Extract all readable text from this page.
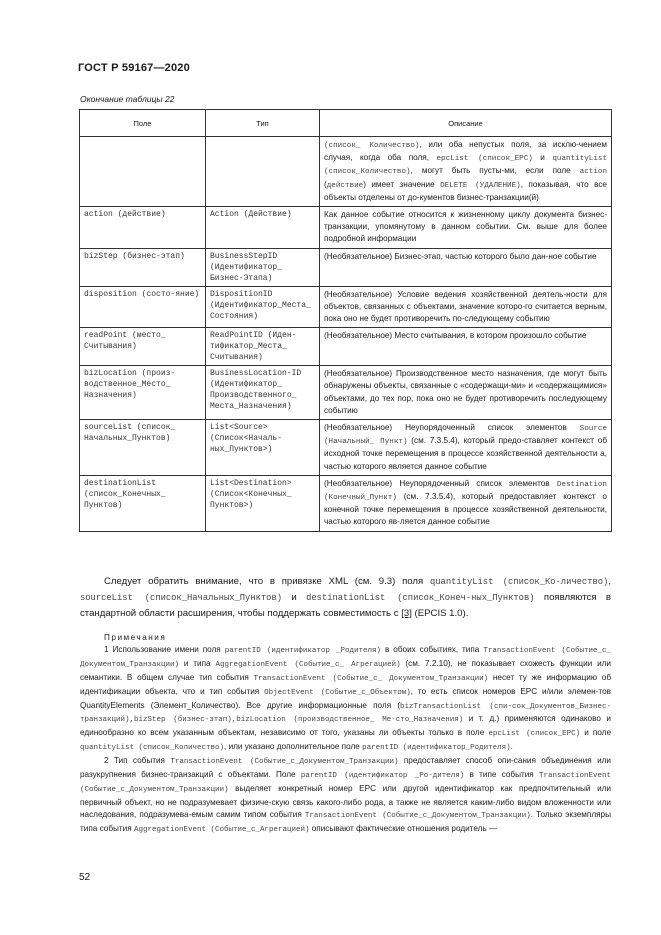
ГОСТ Р 59167—2020
Окончание таблицы 22
Поле	Тип	Описание
		(список_ Количество), или оба непустых поля, за исклю-чением случая, когда оба поля, epcList (список_EPC) и quantityList (список_Количество), могут быть пусты-ми, если поле action (действие) имеет значение DELETE (УДАЛЕНИЕ), показывая, что все объекты отделены от до-кументов бизнес-транзакции(й)
action (действие)	Action (Действие)	Как данное событие относится к жизненному циклу документа бизнес-транзакции, упомянутому в данном событии. См. выше для более подробной информации
bizStep (бизнес-этап)	BusinessStepID (Идентификатор_ Бизнес-Этапа)	(Необязательное) Бизнес-этап, частью которого было дан-ное событие
disposition (состо-яние)	DispositionID (Идентификатор_Места_ Состояния)	(Необязательное) Условие ведения хозяйственной деятель-ности для объектов, связанных с объектами, значение которо-го считается верным, пока оно не будет противоречить по-следующему событию
readPoint (место_ Считывания)	ReadPointID (Иден-тификатор_Места_ Считывания)	(Необязательное) Место считывания, в котором произошло событие
bizLocation (произ-водственное_Место_ Назначения)	BusinessLocation-ID (Идентификатор_ Производственного_ Места_Назначения)	(Необязательное) Производственное место назначения, где могут быть обнаружены объекты, связанные с «содержащи-ми» и «содержащимися» объектами, до тех пор, пока оно не будет противоречить последующему событию
sourceList (список_ Начальных_Пунктов)	List<Source> (Список<Началь-ных_Пунктов>)	(Необязательное) Неупорядоченный список элементов Source (Начальный_ Пункт) (см. 7.3.5.4), который предо-ставляет контекст об исходной точке перемещения в процессе хозяйственной деятельности а, частью которого является данное событие
destinationList (список_Конечных_ Пунктов)	List<Destination> (Список<Конечных_ Пунктов>)	(Необязательное) Неупорядоченный список элементов Destination (Конечный_Пункт) (см. 7.3.5.4), который предоставляет контекст о конечной точке перемещения в процессе хозяйственной деятельности, частью которого яв-ляется данное событие
Следует обратить внимание, что в привязке XML (см. 9.3) поля quantityList (список_Ко-личество), sourceList (список_Начальных_Пунктов) и destinationList (список_Конеч-ных_Пунктов) появляются в стандартной области расширения, чтобы поддержать совместимость с [3] (EPCIS 1.0).
Примечания

1 Использование имени поля parentID (идентификатор _Родителя) в обоих событиях, типа TransactionEvent (Событие_с_ Документом_Транзакции) и типа AggregationEvent (Событие_с_ Агрегацией) (см. 7.2.10), не показывает схожесть функции или семантики. В общем случае тип события TransactionEvent (Событие_с_ Документом_Транзакции) несет ту же информацию об идентификации объекта, что и тип события ObjectEvent (Событие_с_Объектом), то есть список номеров EPC и/или элемен-тов QuantityElements (Элемент_Количество). Все другие информационные поля (bizTransactionList (спи-сок_Документов_Бизнес-транзакций),bizStep (бизнес-этап),bizLocation (производственное_ Ме-сто_Назначения) и т. д.) применяются одинаково и единообразно ко всем указанным объектам, независимо от того, указаны ли объекты только в поле epcList (список_EPC) и поле quantityList (список_Количество), или указано дополнительное поле parentID (идентификатор_Родителя).

2 Тип события TransactionEvent (Событие_с_Документом_Транзакции) предоставляет способ опи-сания объединения или разукрупнения бизнес-транзакций с объектами. Поле parentID (идентификатор _Ро-дителя) в типе события TransactionEvent (Событие_с_Документом_Транзакции) выделяет конкретный номер EPC или другой идентификатор как предпочтительный или первичный объект, но не подразумевает физиче-скую связь какого-либо рода, а также не является каким-либо видом вложенности или наследования, подразумева-емым самим типом события TransactionEvent (Событие_с_Документом_Транзакции). Только экземпляры типа события AggregationEvent (Событие_с_Агрегацией) описывают фактические отношения родитель —

52
